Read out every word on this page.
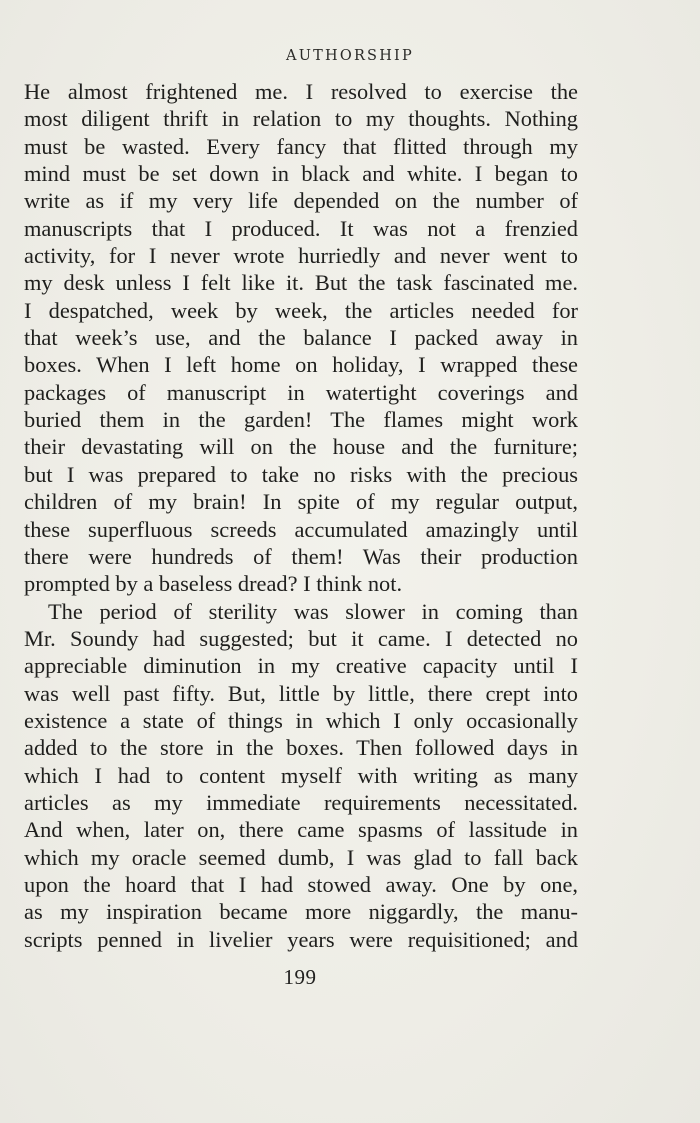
AUTHORSHIP
He almost frightened me. I resolved to exercise the
most diligent thrift in relation to my thoughts. Nothing
must be wasted. Every fancy that flitted through my
mind must be set down in black and white. I began to
write as if my very life depended on the number of
manuscripts that I produced. It was not a frenzied
activity, for I never wrote hurriedly and never went to
my desk unless I felt like it. But the task fascinated me.
I despatched, week by week, the articles needed for
that week’s use, and the balance I packed away in
boxes. When I left home on holiday, I wrapped these
packages of manuscript in watertight coverings and
buried them in the garden! The flames might work
their devastating will on the house and the furniture;
but I was prepared to take no risks with the precious
children of my brain! In spite of my regular output,
these superfluous screeds accumulated amazingly until
there were hundreds of them! Was their production
prompted by a baseless dread? I think not.
The period of sterility was slower in coming than
Mr. Soundy had suggested; but it came. I detected no
appreciable diminution in my creative capacity until I
was well past fifty. But, little by little, there crept into
existence a state of things in which I only occasionally
added to the store in the boxes. Then followed days in
which I had to content myself with writing as many
articles as my immediate requirements necessitated.
And when, later on, there came spasms of lassitude in
which my oracle seemed dumb, I was glad to fall back
upon the hoard that I had stowed away. One by one,
as my inspiration became more niggardly, the manu-
scripts penned in livelier years were requisitioned; and
199
